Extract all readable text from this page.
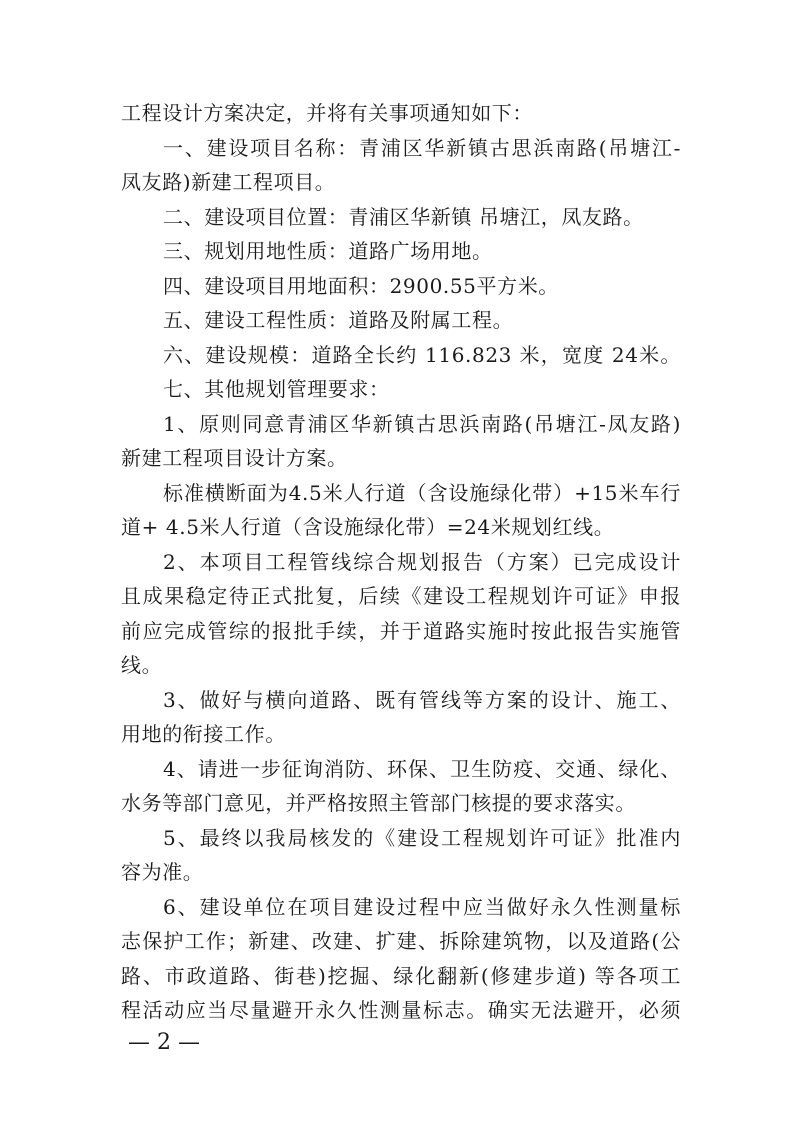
工程设计方案决定，并将有关事项通知如下：
一、建设项目名称：青浦区华新镇古思浜南路(吊塘江-
凤友路)新建工程项目。
二、建设项目位置：青浦区华新镇 吊塘江，凤友路。
三、规划用地性质：道路广场用地。
四、建设项目用地面积：2900.55平方米。
五、建设工程性质：道路及附属工程。
六、建设规模：道路全长约 116.823 米，宽度 24米。
七、其他规划管理要求：
1、原则同意青浦区华新镇古思浜南路(吊塘江-凤友路)
新建工程项目设计方案。
标准横断面为4.5米人行道（含设施绿化带）+15米车行
道+ 4.5米人行道（含设施绿化带）=24米规划红线。
2、本项目工程管线综合规划报告（方案）已完成设计
且成果稳定待正式批复，后续《建设工程规划许可证》申报
前应完成管综的报批手续，并于道路实施时按此报告实施管
线。
3、做好与横向道路、既有管线等方案的设计、施工、
用地的衔接工作。
4、请进一步征询消防、环保、卫生防疫、交通、绿化、
水务等部门意见，并严格按照主管部门核提的要求落实。
5、最终以我局核发的《建设工程规划许可证》批准内
容为准。
6、建设单位在项目建设过程中应当做好永久性测量标
志保护工作；新建、改建、扩建、拆除建筑物，以及道路(公
路、市政道路、街巷)挖掘、绿化翻新(修建步道) 等各项工
程活动应当尽量避开永久性测量标志。确实无法避开，必须
— 2 —
